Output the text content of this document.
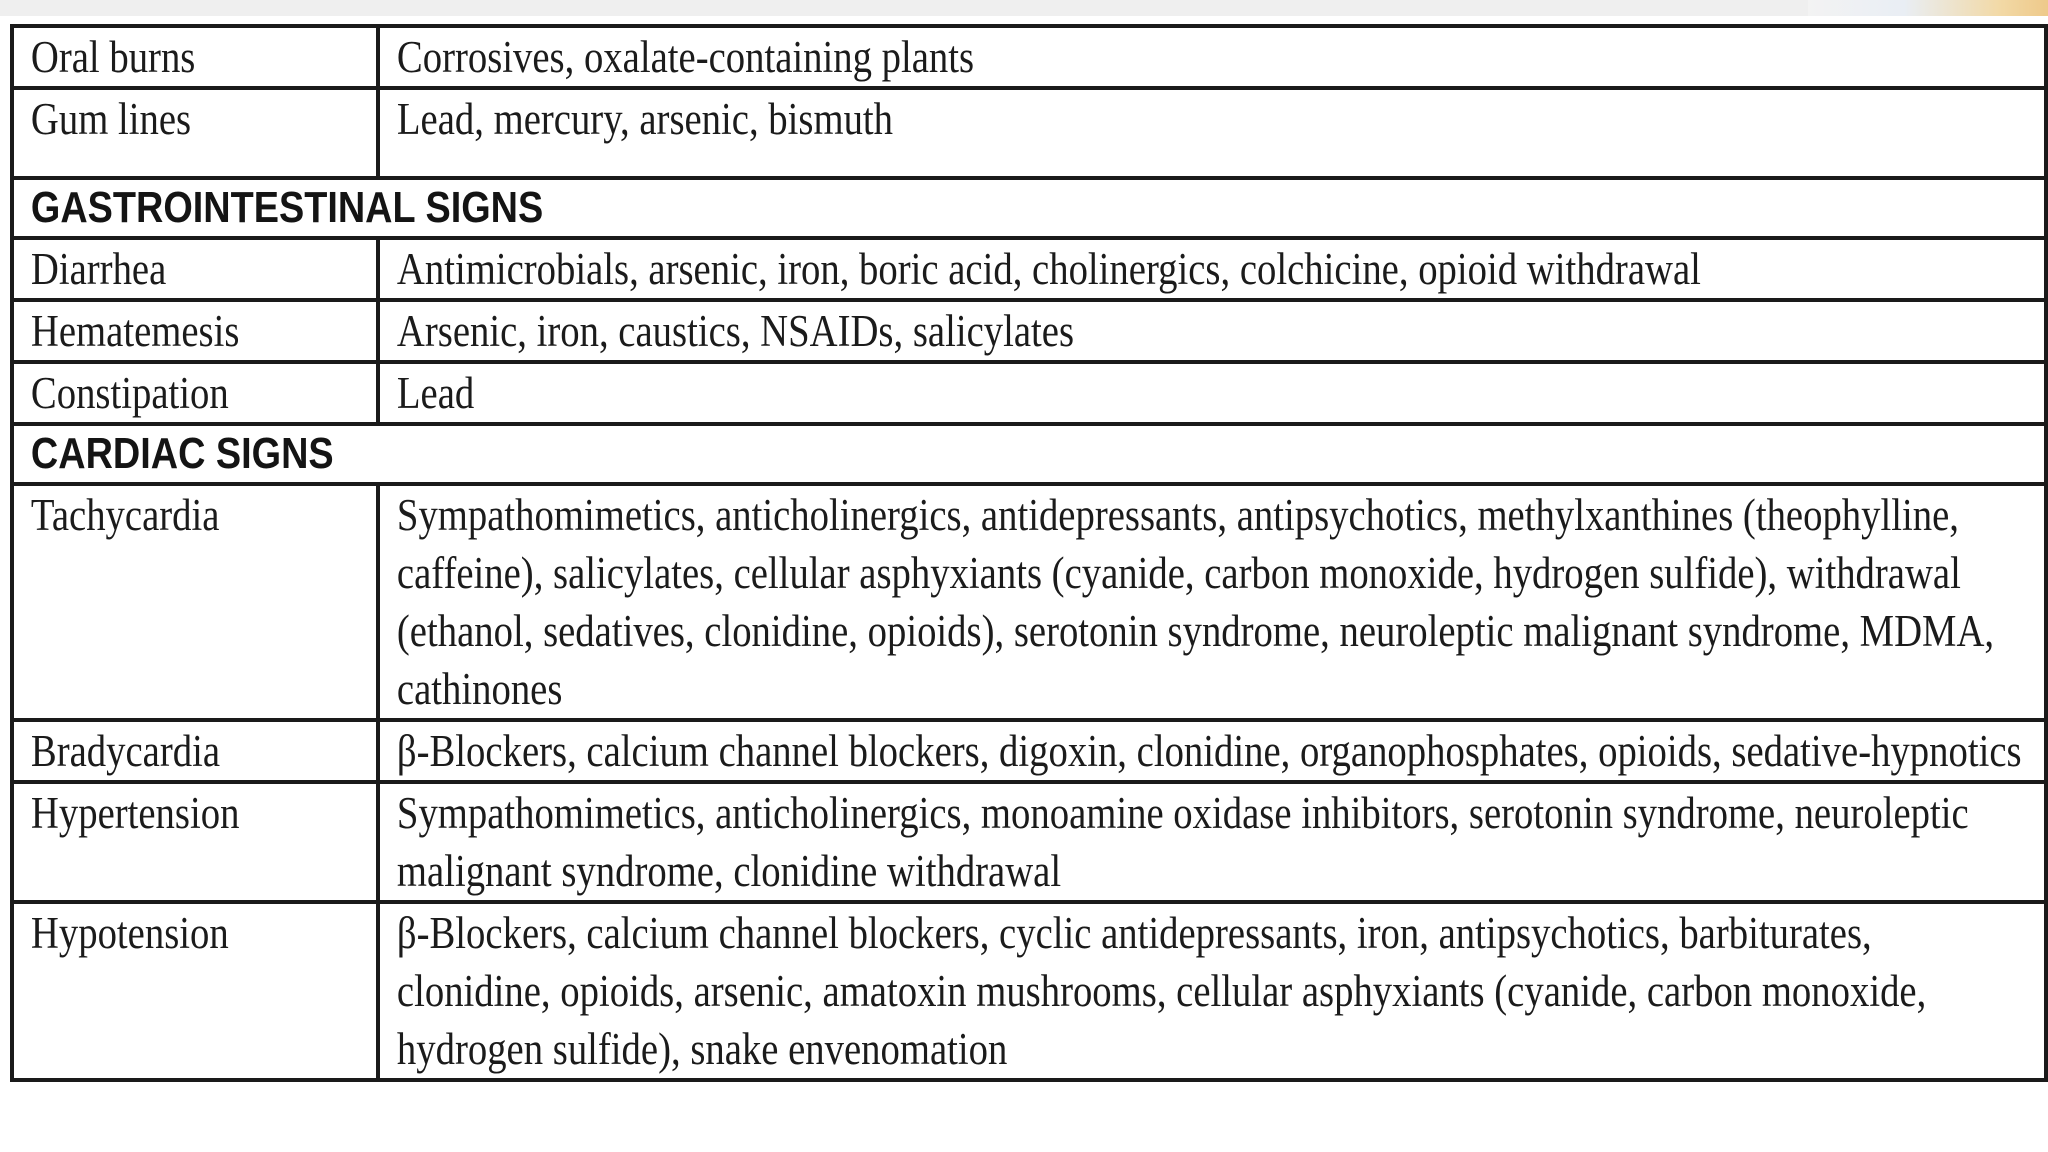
Oral burns	Corrosives, oxalate-containing plants

Gum lines	Lead, mercury, arsenic, bismuth

GASTROINTESTINAL SIGNS	

Diarrhea	Antimicrobials, arsenic, iron, boric acid, cholinergics, colchicine, opioid withdrawal

Hematemesis	Arsenic, iron, caustics, NSAIDs, salicylates

Constipation	Lead

CARDIAC SIGNS	

Tachycardia	Sympathomimetics, anticholinergics, antidepressants, antipsychotics, methylxanthines (theophylline, caffeine), salicylates, cellular asphyxiants (cyanide, carbon monoxide, hydrogen sulfide), withdrawal (ethanol, sedatives, clonidine, opioids), serotonin syndrome, neuroleptic malignant syndrome, MDMA, cathinones

Bradycardia	β-Blockers, calcium channel blockers, digoxin, clonidine, organophosphates, opioids, sedative-hypnotics

Hypertension	Sympathomimetics, anticholinergics, monoamine oxidase inhibitors, serotonin syndrome, neuroleptic malignant syndrome, clonidine withdrawal

Hypotension	β-Blockers, calcium channel blockers, cyclic antidepressants, iron, antipsychotics, barbiturates, clonidine, opioids, arsenic, amatoxin mushrooms, cellular asphyxiants (cyanide, carbon monoxide, hydrogen sulfide), snake envenomation
